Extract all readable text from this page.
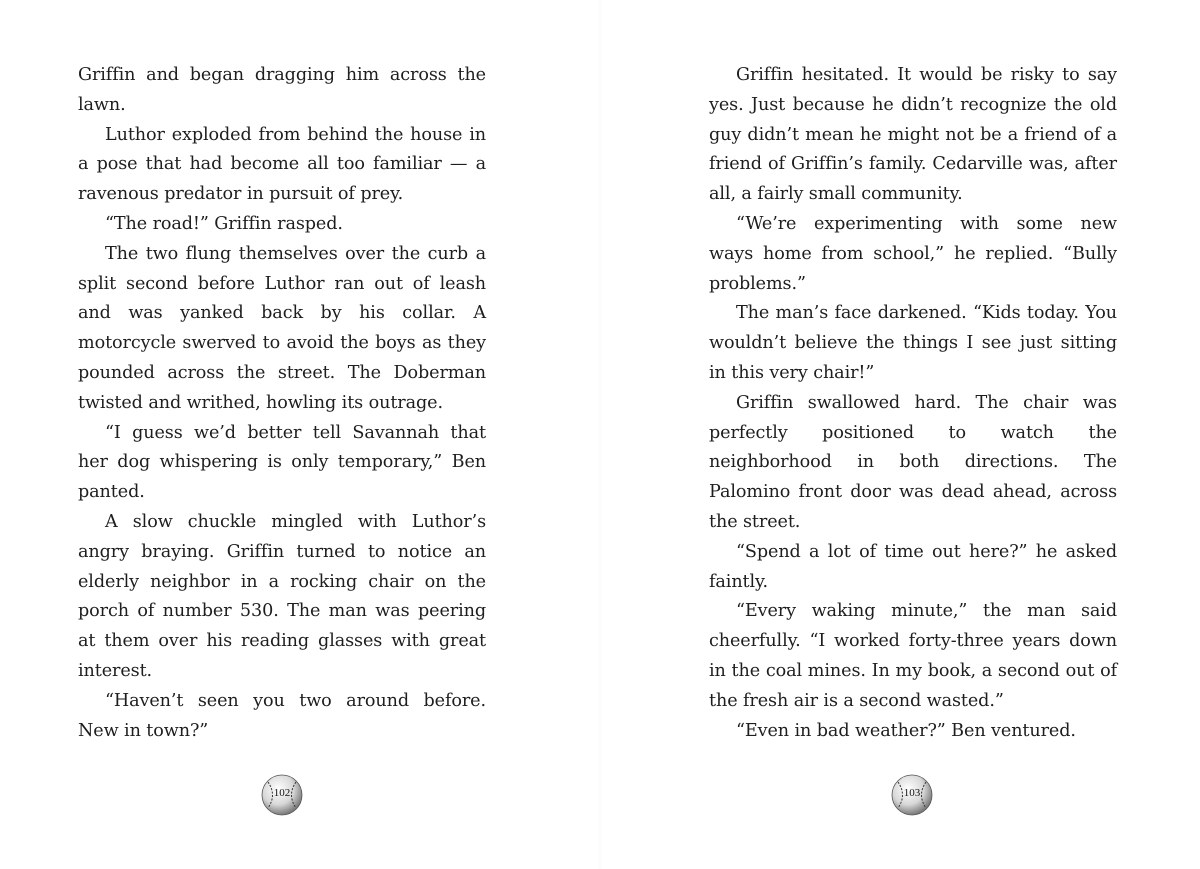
Griffin and began dragging him across the lawn.

Luthor exploded from behind the house in a pose that had become all too familiar — a ravenous predator in pursuit of prey.

“The road!” Griffin rasped.

The two flung themselves over the curb a split second before Luthor ran out of leash and was yanked back by his collar. A motorcycle swerved to avoid the boys as they pounded across the street. The Doberman twisted and writhed, howling its outrage.

“I guess we’d better tell Savannah that her dog whispering is only temporary,” Ben panted.

A slow chuckle mingled with Luthor’s angry braying. Griffin turned to notice an elderly neighbor in a rocking chair on the porch of number 530. The man was peering at them over his reading glasses with great interest.

“Haven’t seen you two around before. New in town?”

Griffin hesitated. It would be risky to say yes. Just because he didn’t recognize the old guy didn’t mean he might not be a friend of a friend of Griffin’s family. Cedarville was, after all, a fairly small community.

“We’re experimenting with some new ways home from school,” he replied. “Bully problems.”

The man’s face darkened. “Kids today. You wouldn’t believe the things I see just sitting in this very chair!”

Griffin swallowed hard. The chair was perfectly positioned to watch the neighborhood in both directions. The Palomino front door was dead ahead, across the street.

“Spend a lot of time out here?” he asked faintly.

“Every waking minute,” the man said cheerfully. “I worked forty-three years down in the coal mines. In my book, a second out of the fresh air is a second wasted.”

“Even in bad weather?” Ben ventured.

102	103
